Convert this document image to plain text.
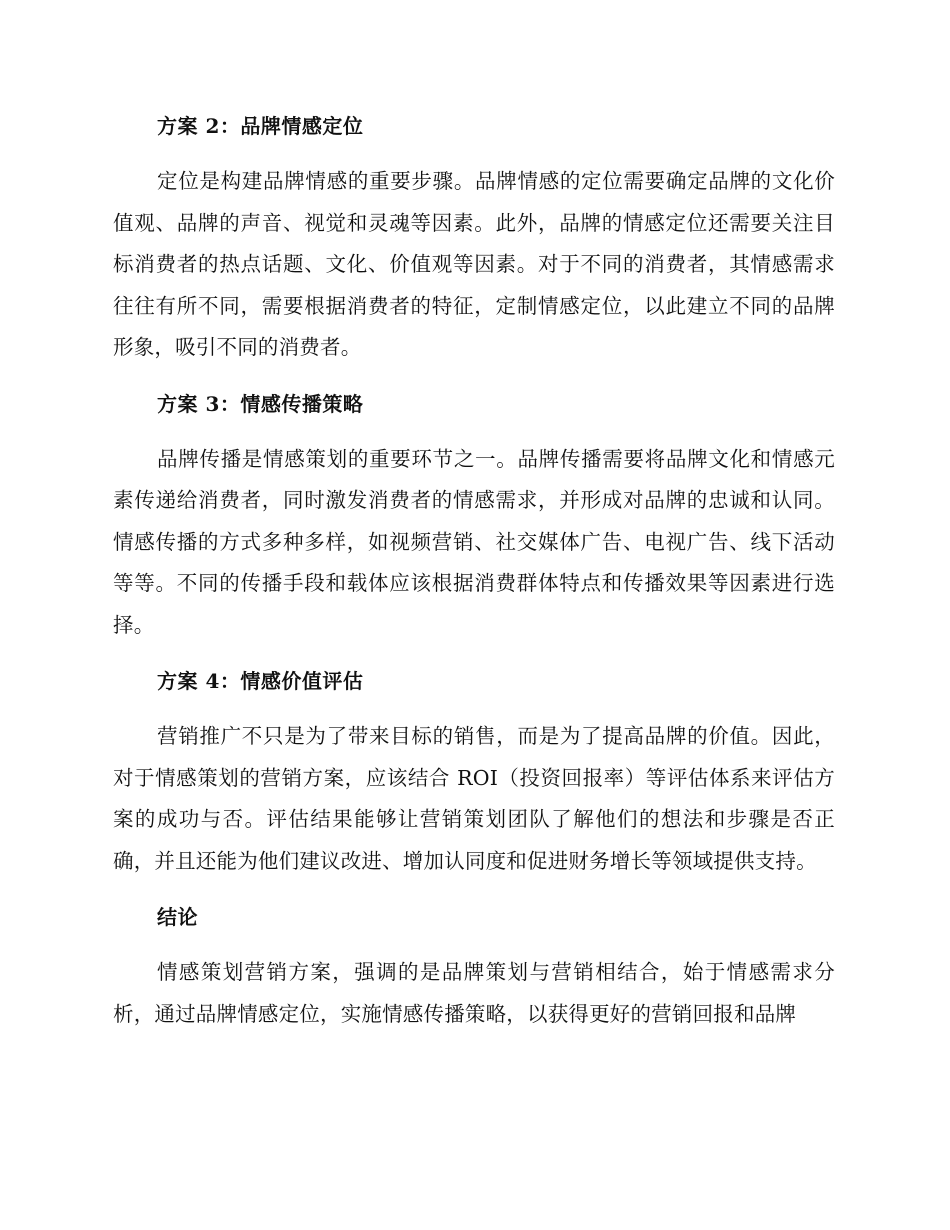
方案 2：品牌情感定位

定位是构建品牌情感的重要步骤。品牌情感的定位需要确定品牌的文化价值观、品牌的声音、视觉和灵魂等因素。此外，品牌的情感定位还需要关注目标消费者的热点话题、文化、价值观等因素。对于不同的消费者，其情感需求往往有所不同，需要根据消费者的特征，定制情感定位，以此建立不同的品牌形象，吸引不同的消费者。

方案 3：情感传播策略

品牌传播是情感策划的重要环节之一。品牌传播需要将品牌文化和情感元素传递给消费者，同时激发消费者的情感需求，并形成对品牌的忠诚和认同。情感传播的方式多种多样，如视频营销、社交媒体广告、电视广告、线下活动等等。不同的传播手段和载体应该根据消费群体特点和传播效果等因素进行选择。

方案 4：情感价值评估

营销推广不只是为了带来目标的销售，而是为了提高品牌的价值。因此，对于情感策划的营销方案，应该结合 ROI（投资回报率）等评估体系来评估方案的成功与否。评估结果能够让营销策划团队了解他们的想法和步骤是否正确，并且还能为他们建议改进、增加认同度和促进财务增长等领域提供支持。

结论

情感策划营销方案，强调的是品牌策划与营销相结合，始于情感需求分析，通过品牌情感定位，实施情感传播策略，以获得更好的营销回报和品牌
